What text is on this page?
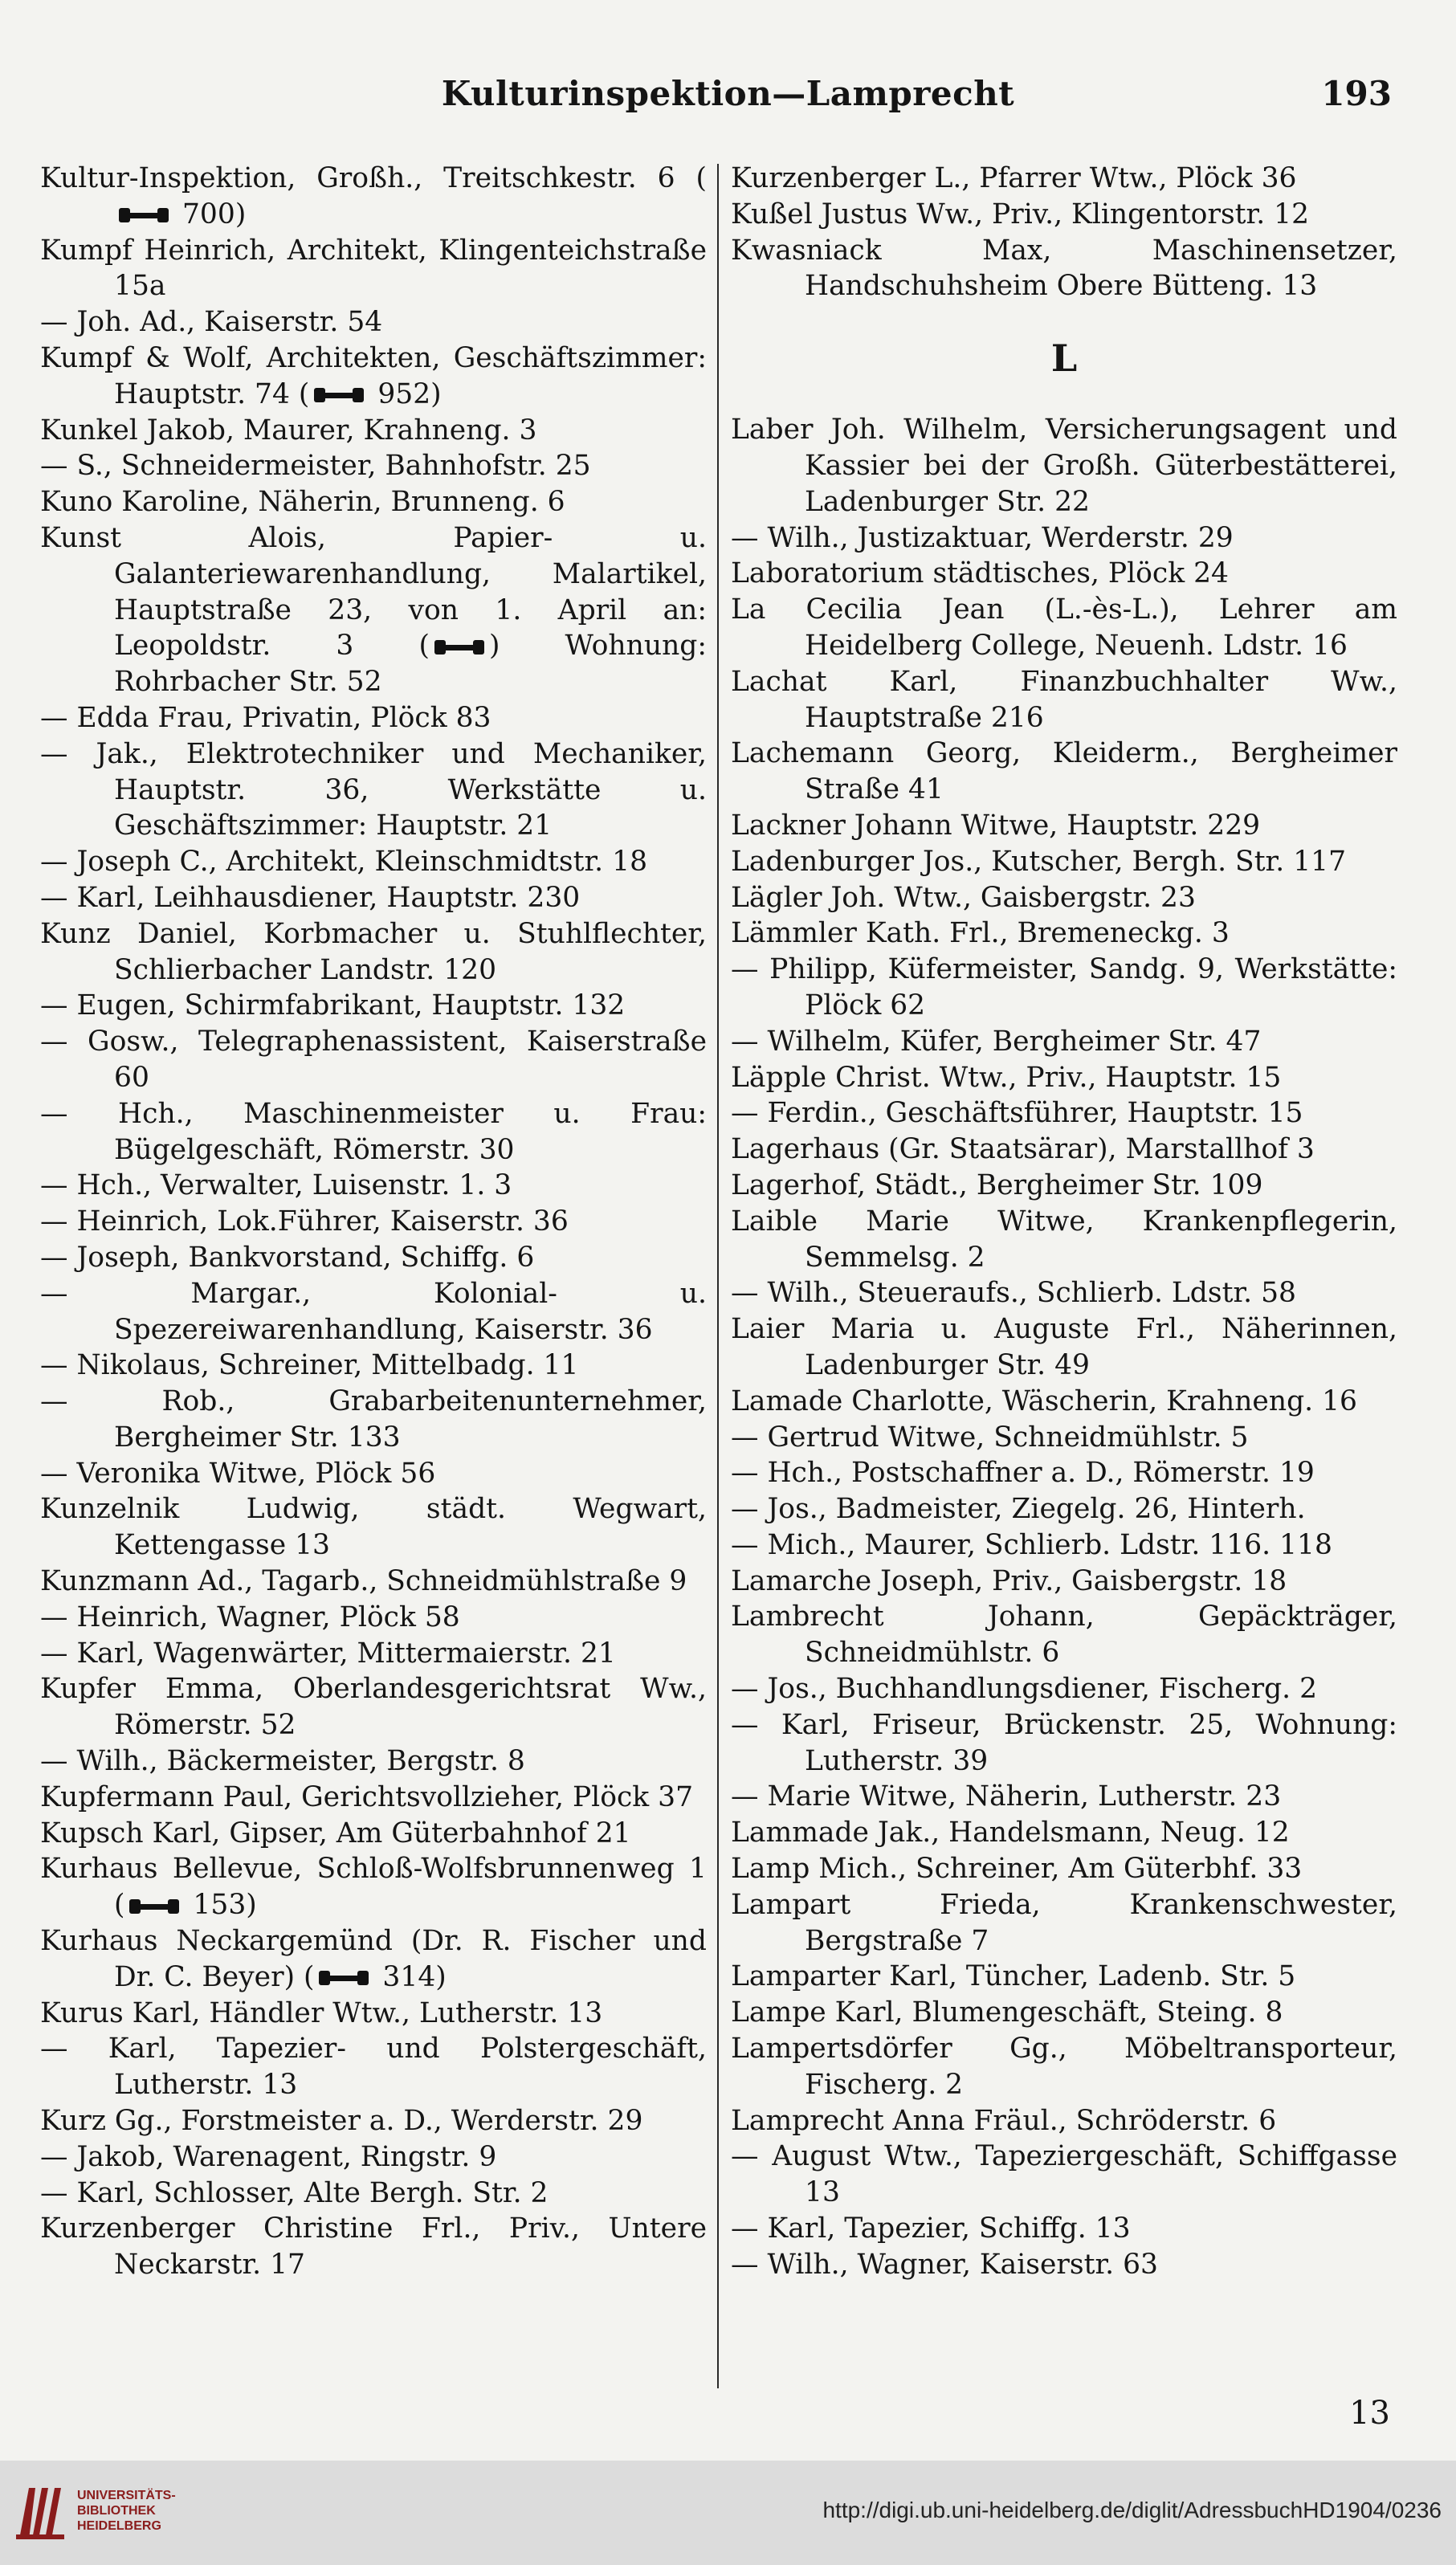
Kulturinspektion—Lamprecht	193
Kultur-Inspektion, Großh., Treitschkestr. 6 ( 700)
Kumpf Heinrich, Architekt, Klingenteichstraße 15a
— Joh. Ad., Kaiserstr. 54
Kumpf & Wolf, Architekten, Geschäftszimmer: Hauptstr. 74 ( 952)
Kunkel Jakob, Maurer, Krahneng. 3
— S., Schneidermeister, Bahnhofstr. 25
Kuno Karoline, Näherin, Brunneng. 6
Kunst Alois, Papier- u. Galanteriewarenhandlung, Malartikel, Hauptstraße 23, von 1. April an: Leopoldstr. 3 ( ) Wohnung: Rohrbacher Str. 52
— Edda Frau, Privatin, Plöck 83
— Jak., Elektrotechniker und Mechaniker, Hauptstr. 36, Werkstätte u. Geschäftszimmer: Hauptstr. 21
— Joseph C., Architekt, Kleinschmidtstr. 18
— Karl, Leihhausdiener, Hauptstr. 230
Kunz Daniel, Korbmacher u. Stuhlflechter, Schlierbacher Landstr. 120
— Eugen, Schirmfabrikant, Hauptstr. 132
— Gosw., Telegraphenassistent, Kaiserstraße 60
— Hch., Maschinenmeister u. Frau: Bügelgeschäft, Römerstr. 30
— Hch., Verwalter, Luisenstr. 1. 3
— Heinrich, Lok.Führer, Kaiserstr. 36
— Joseph, Bankvorstand, Schiffg. 6
— Margar., Kolonial- u. Spezereiwarenhandlung, Kaiserstr. 36
— Nikolaus, Schreiner, Mittelbadg. 11
— Rob., Grabarbeitenunternehmer, Bergheimer Str. 133
— Veronika Witwe, Plöck 56
Kunzelnik Ludwig, städt. Wegwart, Kettengasse 13
Kunzmann Ad., Tagarb., Schneidmühlstraße 9
— Heinrich, Wagner, Plöck 58
— Karl, Wagenwärter, Mittermaierstr. 21
Kupfer Emma, Oberlandesgerichtsrat Ww., Römerstr. 52
— Wilh., Bäckermeister, Bergstr. 8
Kupfermann Paul, Gerichtsvollzieher, Plöck 37
Kupsch Karl, Gipser, Am Güterbahnhof 21
Kurhaus Bellevue, Schloß-Wolfsbrunnenweg 1 ( 153)
Kurhaus Neckargemünd (Dr. R. Fischer und Dr. C. Beyer) ( 314)
Kurus Karl, Händler Wtw., Lutherstr. 13
— Karl, Tapezier- und Polstergeschäft, Lutherstr. 13
Kurz Gg., Forstmeister a. D., Werderstr. 29
— Jakob, Warenagent, Ringstr. 9
— Karl, Schlosser, Alte Bergh. Str. 2
Kurzenberger Christine Frl., Priv., Untere Neckarstr. 17
Kurzenberger L., Pfarrer Wtw., Plöck 36
Kußel Justus Ww., Priv., Klingentorstr. 12
Kwasniack Max, Maschinensetzer, Handschuhsheim Obere Bütteng. 13
L
Laber Joh. Wilhelm, Versicherungsagent und Kassier bei der Großh. Güterbestätterei, Ladenburger Str. 22
— Wilh., Justizaktuar, Werderstr. 29
Laboratorium städtisches, Plöck 24
La Cecilia Jean (L.-ès-L.), Lehrer am Heidelberg College, Neuenh. Ldstr. 16
Lachat Karl, Finanzbuchhalter Ww., Hauptstraße 216
Lachemann Georg, Kleiderm., Bergheimer Straße 41
Lackner Johann Witwe, Hauptstr. 229
Ladenburger Jos., Kutscher, Bergh. Str. 117
Lägler Joh. Wtw., Gaisbergstr. 23
Lämmler Kath. Frl., Bremeneckg. 3
— Philipp, Küfermeister, Sandg. 9, Werkstätte: Plöck 62
— Wilhelm, Küfer, Bergheimer Str. 47
Läpple Christ. Wtw., Priv., Hauptstr. 15
— Ferdin., Geschäftsführer, Hauptstr. 15
Lagerhaus (Gr. Staatsärar), Marstallhof 3
Lagerhof, Städt., Bergheimer Str. 109
Laible Marie Witwe, Krankenpflegerin, Semmelsg. 2
— Wilh., Steueraufs., Schlierb. Ldstr. 58
Laier Maria u. Auguste Frl., Näherinnen, Ladenburger Str. 49
Lamade Charlotte, Wäscherin, Krahneng. 16
— Gertrud Witwe, Schneidmühlstr. 5
— Hch., Postschaffner a. D., Römerstr. 19
— Jos., Badmeister, Ziegelg. 26, Hinterh.
— Mich., Maurer, Schlierb. Ldstr. 116. 118
Lamarche Joseph, Priv., Gaisbergstr. 18
Lambrecht Johann, Gepäckträger, Schneidmühlstr. 6
— Jos., Buchhandlungsdiener, Fischerg. 2
— Karl, Friseur, Brückenstr. 25, Wohnung: Lutherstr. 39
— Marie Witwe, Näherin, Lutherstr. 23
Lammade Jak., Handelsmann, Neug. 12
Lamp Mich., Schreiner, Am Güterbhf. 33
Lampart Frieda, Krankenschwester, Bergstraße 7
Lamparter Karl, Tüncher, Ladenb. Str. 5
Lampe Karl, Blumengeschäft, Steing. 8
Lampertsdörfer Gg., Möbeltransporteur, Fischerg. 2
Lamprecht Anna Fräul., Schröderstr. 6
— August Wtw., Tapeziergeschäft, Schiffgasse 13
— Karl, Tapezier, Schiffg. 13
— Wilh., Wagner, Kaiserstr. 63
13
UNIVERSITÄTS-
BIBLIOTHEK
HEIDELBERG
http://digi.ub.uni-heidelberg.de/diglit/AdressbuchHD1904/0236
